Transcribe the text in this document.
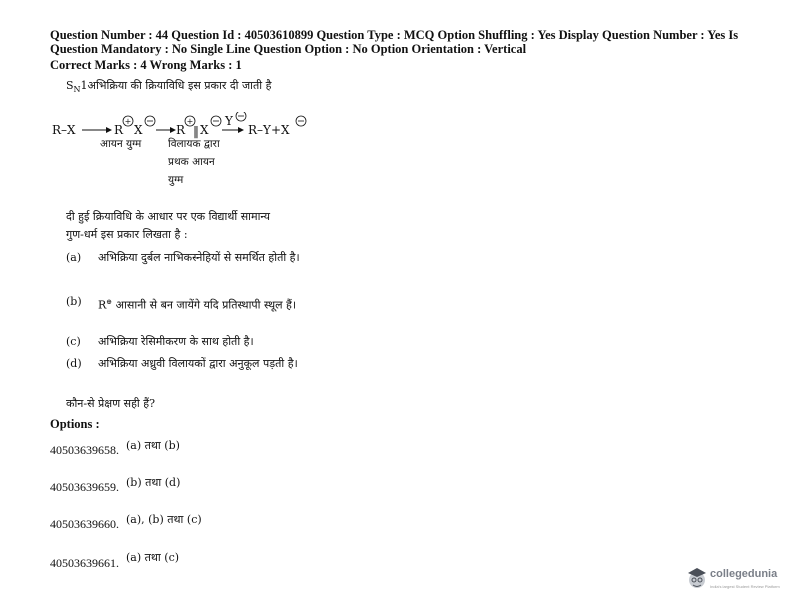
Question Number : 44 Question Id : 40503610899 Question Type : MCQ Option Shuffling : Yes Display Question Number : Yes Is
Question Mandatory : No Single Line Question Option : No Option Orientation : Vertical
Correct Marks : 4 Wrong Marks : 1
$S_N1अभिक्रिया$ की क्रियाविधि इस प्रकार दी जाती है
R–X	R
+
X	R
+
‖ X
Y
R–Y+X
आयन युग्म	विलायक द्वारा
प्रथक आयन
युग्म
दी हुई क्रियाविधि के आधार पर एक विद्यार्थी सामान्य
गुण-धर्म इस प्रकार लिखता है :
(a) अभिक्रिया दुर्बल नाभिकस्नेहियों से समर्थित होती है।
(b) R⊕ आसानी से बन जायेंगे यदि प्रतिस्थापी स्थूल हैं।
(c) अभिक्रिया रेसिमीकरण के साथ होती है।
(d) अभिक्रिया अध्रुवी विलायकों द्वारा अनुकूल पड़ती है।
कौन-से प्रेक्षण सही हैं?
Options :
40503639658. (a) तथा (b)
40503639659. (b) तथा (d)
40503639660. (a), (b) तथा (c)
40503639661. (a) तथा (c)
collegedunia
India's largest Student Review Platform
